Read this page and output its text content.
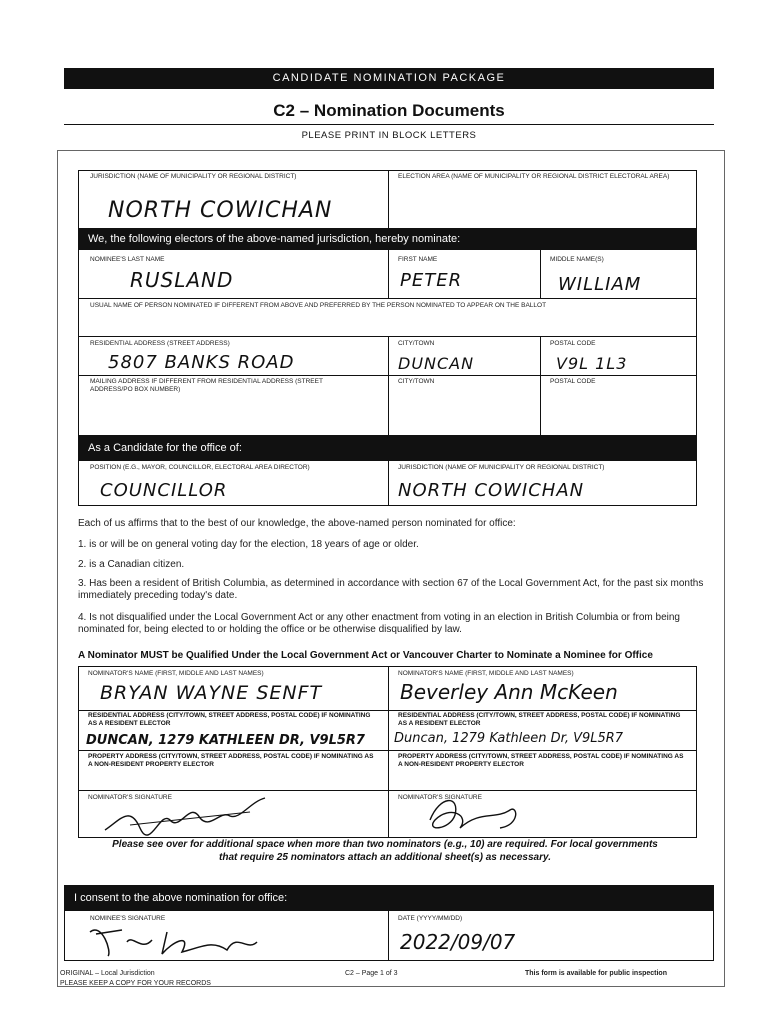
CANDIDATE NOMINATION PACKAGE
C2 – Nomination Documents
PLEASE PRINT IN BLOCK LETTERS
JURISDICTION (NAME OF MUNICIPALITY OR REGIONAL DISTRICT)
NORTH COWICHAN
ELECTION AREA (NAME OF MUNICIPALITY OR REGIONAL DISTRICT ELECTORAL AREA)
We, the following electors of the above-named jurisdiction, hereby nominate:
NOMINEE'S LAST NAME
RUSLAND
FIRST NAME
PETER
MIDDLE NAME(S)
WILLIAM
USUAL NAME OF PERSON NOMINATED IF DIFFERENT FROM ABOVE AND PREFERRED BY THE PERSON NOMINATED TO APPEAR ON THE BALLOT
RESIDENTIAL ADDRESS (STREET ADDRESS)
5807 BANKS ROAD
CITY/TOWN
DUNCAN
POSTAL CODE
V9L 1L3
MAILING ADDRESS IF DIFFERENT FROM RESIDENTIAL ADDRESS (STREET ADDRESS/PO BOX NUMBER)
CITY/TOWN	POSTAL CODE
As a Candidate for the office of:
POSITION (E.G., MAYOR, COUNCILLOR, ELECTORAL AREA DIRECTOR)
COUNCILLOR
JURISDICTION (NAME OF MUNICIPALITY OR REGIONAL DISTRICT)
NORTH COWICHAN
Each of us affirms that to the best of our knowledge, the above-named person nominated for office:
1. is or will be on general voting day for the election, 18 years of age or older.
2. is a Canadian citizen.
3. Has been a resident of British Columbia, as determined in accordance with section 67 of the Local Government Act, for the past six months immediately preceding today's date.
4. Is not disqualified under the Local Government Act or any other enactment from voting in an election in British Columbia or from being nominated for, being elected to or holding the office or be otherwise disqualified by law.
A Nominator MUST be Qualified Under the Local Government Act or Vancouver Charter to Nominate a Nominee for Office
NOMINATOR'S NAME (FIRST, MIDDLE AND LAST NAMES)
BRYAN WAYNE SENFT
RESIDENTIAL ADDRESS (CITY/TOWN, STREET ADDRESS, POSTAL CODE) IF NOMINATING AS A RESIDENT ELECTOR
DUNCAN, 1279 KATHLEEN DR, V9L5R7
PROPERTY ADDRESS (CITY/TOWN, STREET ADDRESS, POSTAL CODE) IF NOMINATING AS A NON-RESIDENT PROPERTY ELECTOR
NOMINATOR'S SIGNATURE
NOMINATOR'S NAME (FIRST, MIDDLE AND LAST NAMES)
Beverley Ann McKeen
RESIDENTIAL ADDRESS (CITY/TOWN, STREET ADDRESS, POSTAL CODE) IF NOMINATING AS A RESIDENT ELECTOR
Duncan, 1279 Kathleen Dr, V9L5R7
PROPERTY ADDRESS (CITY/TOWN, STREET ADDRESS, POSTAL CODE) IF NOMINATING AS A NON-RESIDENT PROPERTY ELECTOR
NOMINATOR'S SIGNATURE
Please see over for additional space when more than two nominators (e.g., 10) are required. For local governments that require 25 nominators attach an additional sheet(s) as necessary.
I consent to the above nomination for office:
NOMINEE'S SIGNATURE	DATE (YYYY/MM/DD)
2022/09/07
ORIGINAL – Local Jurisdiction
PLEASE KEEP A COPY FOR YOUR RECORDS
C2 – Page 1 of 3	This form is available for public inspection
